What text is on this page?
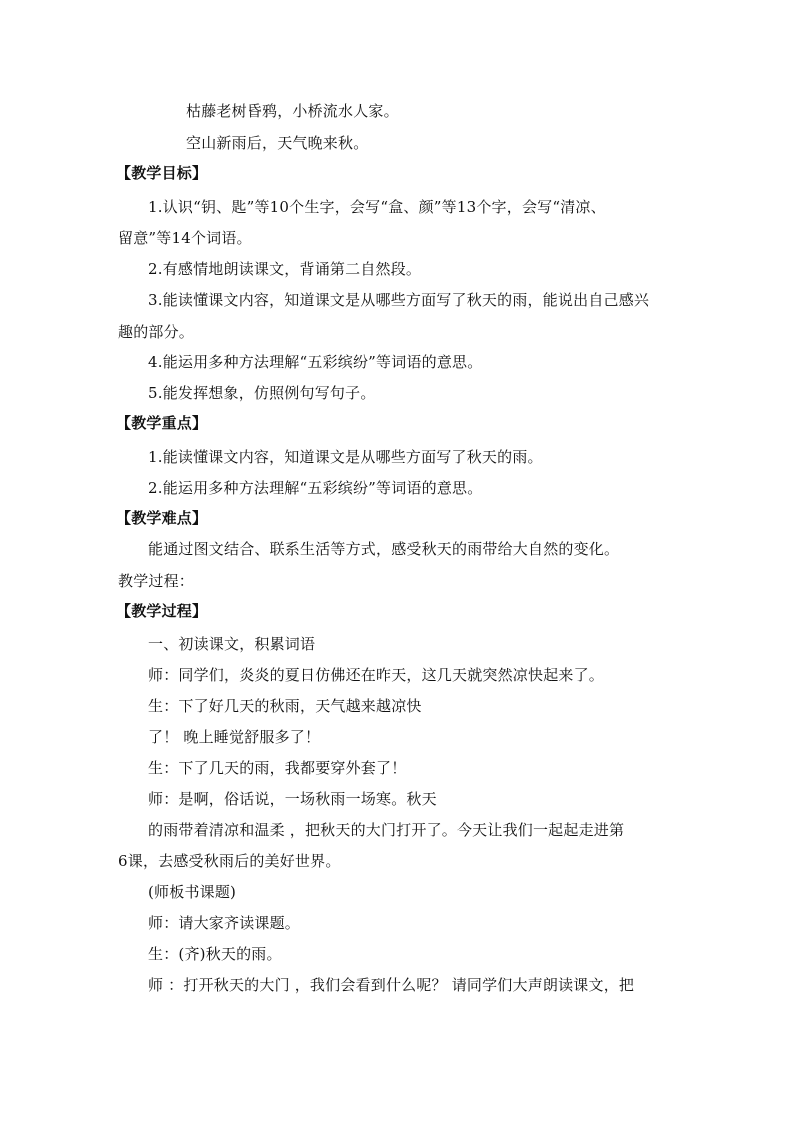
枯藤老树昏鸦，小桥流水人家。
空山新雨后，天气晚来秋。
【教学目标】
1.认识“钥、匙”等10个生字，会写“盒、颜”等13个字，会写“清凉、
留意”等14个词语。
2.有感情地朗读课文，背诵第二自然段。
3.能读懂课文内容，知道课文是从哪些方面写了秋天的雨，能说出自己感兴
趣的部分。
4.能运用多种方法理解“五彩缤纷”等词语的意思。
5.能发挥想象，仿照例句写句子。
【教学重点】
1.能读懂课文内容，知道课文是从哪些方面写了秋天的雨。
2.能运用多种方法理解“五彩缤纷”等词语的意思。
【教学难点】
能通过图文结合、联系生活等方式，感受秋天的雨带给大自然的变化。
教学过程：
【教学过程】
一、初读课文，积累词语
师：同学们，炎炎的夏日仿佛还在昨天，这几天就突然凉快起来了。
生：下了好几天的秋雨，天气越来越凉快
了！ 晚上睡觉舒服多了！
生：下了几天的雨，我都要穿外套了！
师：是啊，俗话说，一场秋雨一场寒。秋天
的雨带着清凉和温柔 ，把秋天的大门打开了。今天让我们一起起走进第
6课，去感受秋雨后的美好世界。
(师板书课题)
师：请大家齐读课题。
生：(齐)秋天的雨。
师 ：打开秋天的大门 ，我们会看到什么呢？ 请同学们大声朗读课文，把
